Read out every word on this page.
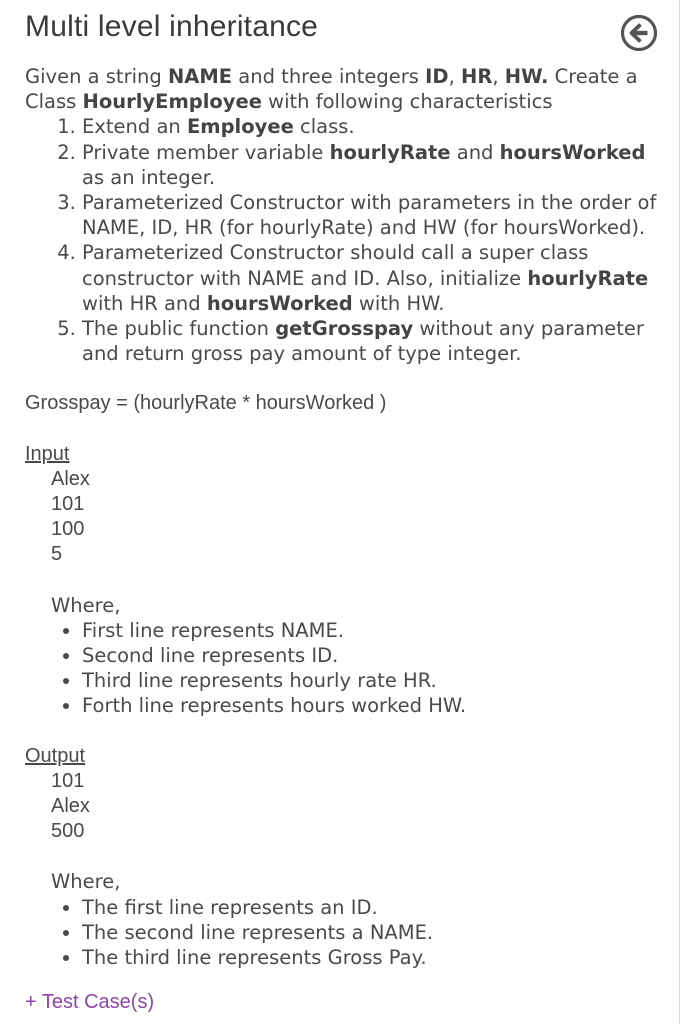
Multi level inheritance

Given a string NAME and three integers ID, HR, HW. Create a Class HourlyEmployee with following characteristics

1. Extend an Employee class.
2. Private member variable hourlyRate and hoursWorked as an integer.
3. Parameterized Constructor with parameters in the order of NAME, ID, HR (for hourlyRate) and HW (for hoursWorked).
4. Parameterized Constructor should call a super class constructor with NAME and ID. Also, initialize hourlyRate with HR and hoursWorked with HW.
5. The public function getGrosspay without any parameter and return gross pay amount of type integer.
Grosspay = (hourlyRate * hoursWorked )
Input
Alex
101
100
5
Where,
• First line represents NAME.
• Second line represents ID.
• Third line represents hourly rate HR.
• Forth line represents hours worked HW.
Output
101
Alex
500
Where,
• The first line represents an ID.
• The second line represents a NAME.
• The third line represents Gross Pay.
+ Test Case(s)
